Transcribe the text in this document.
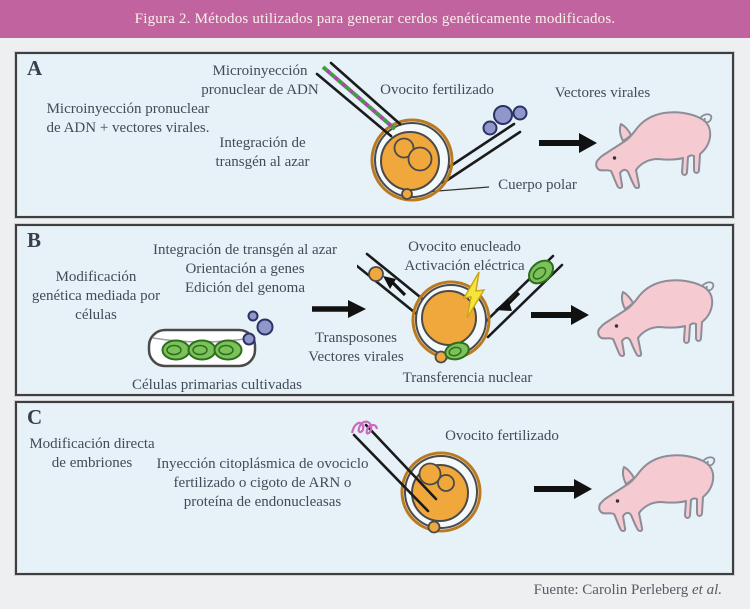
Figura 2. Métodos utilizados para generar cerdos genéticamente modificados.
A
Microinyección pronuclear de ADN + vectores virales.
Microinyección pronuclear de ADN
Integración de transgén al azar
Ovocito fertilizado	Vectores virales
Cuerpo polar
B
Modificación genética mediada por células
Integración de transgén al azar
Orientación a genes
Edición del genoma
Células primarias cultivadas
Transposones
Vectores virales
Ovocito enucleado
Activación eléctrica
Transferencia nuclear
C
Modificación directa de embriones	Inyección citoplásmica de ovociclo fertilizado o cigoto de ARN o proteína de endonucleasas
Ovocito fertilizado
Fuente: Carolin Perleberg et al.
